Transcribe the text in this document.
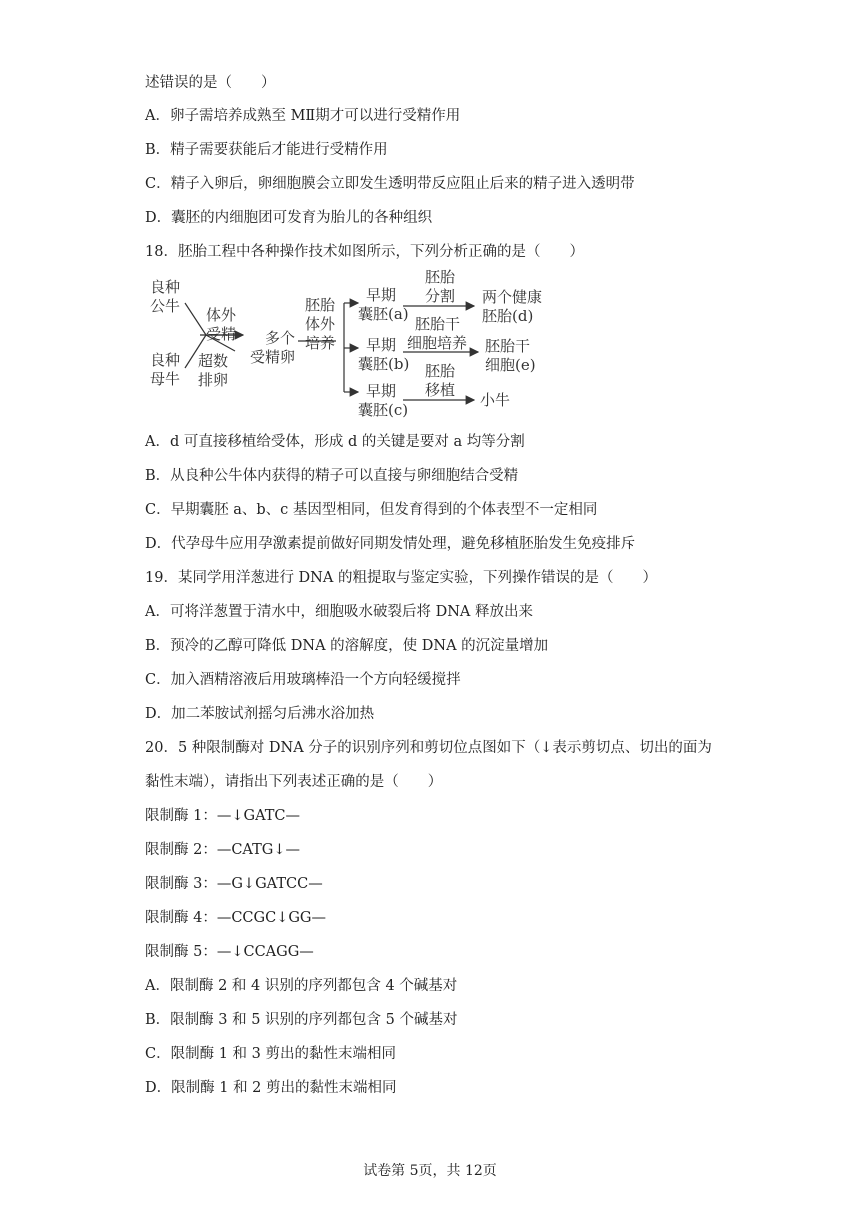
述错误的是（　　）
A．卵子需培养成熟至 MⅡ期才可以进行受精作用
B．精子需要获能后才能进行受精作用
C．精子入卵后，卵细胞膜会立即发生透明带反应阻止后来的精子进入透明带
D．囊胚的内细胞团可发育为胎儿的各种组织
18．胚胎工程中各种操作技术如图所示，下列分析正确的是（　　）
良种
公牛
良种
母牛
体外
受精
超数
排卵
多个
受精卵
胚胎
体外
培养
早期
囊胚(a)
早期
囊胚(b)
早期
囊胚(c)
胚胎
分割
胚胎干
细胞培养
胚胎
移植
两个健康
胚胎(d)
胚胎干
细胞(e)
小牛
A．d 可直接移植给受体，形成 d 的关键是要对 a 均等分割
B．从良种公牛体内获得的精子可以直接与卵细胞结合受精
C．早期囊胚 a、b、c 基因型相同，但发育得到的个体表型不一定相同
D．代孕母牛应用孕激素提前做好同期发情处理，避免移植胚胎发生免疫排斥
19．某同学用洋葱进行 DNA 的粗提取与鉴定实验，下列操作错误的是（　　）
A．可将洋葱置于清水中，细胞吸水破裂后将 DNA 释放出来
B．预冷的乙醇可降低 DNA 的溶解度，使 DNA 的沉淀量增加
C．加入酒精溶液后用玻璃棒沿一个方向轻缓搅拌
D．加二苯胺试剂摇匀后沸水浴加热
20．5 种限制酶对 DNA 分子的识别序列和剪切位点图如下（↓表示剪切点、切出的面为
黏性末端），请指出下列表述正确的是（　　）
限制酶 1：—↓GATC—
限制酶 2：—CATG↓—
限制酶 3：—G↓GATCC—
限制酶 4：—CCGC↓GG—
限制酶 5：—↓CCAGG—
A．限制酶 2 和 4 识别的序列都包含 4 个碱基对
B．限制酶 3 和 5 识别的序列都包含 5 个碱基对
C．限制酶 1 和 3 剪出的黏性末端相同
D．限制酶 1 和 2 剪出的黏性末端相同
试卷第 5页，共 12页
